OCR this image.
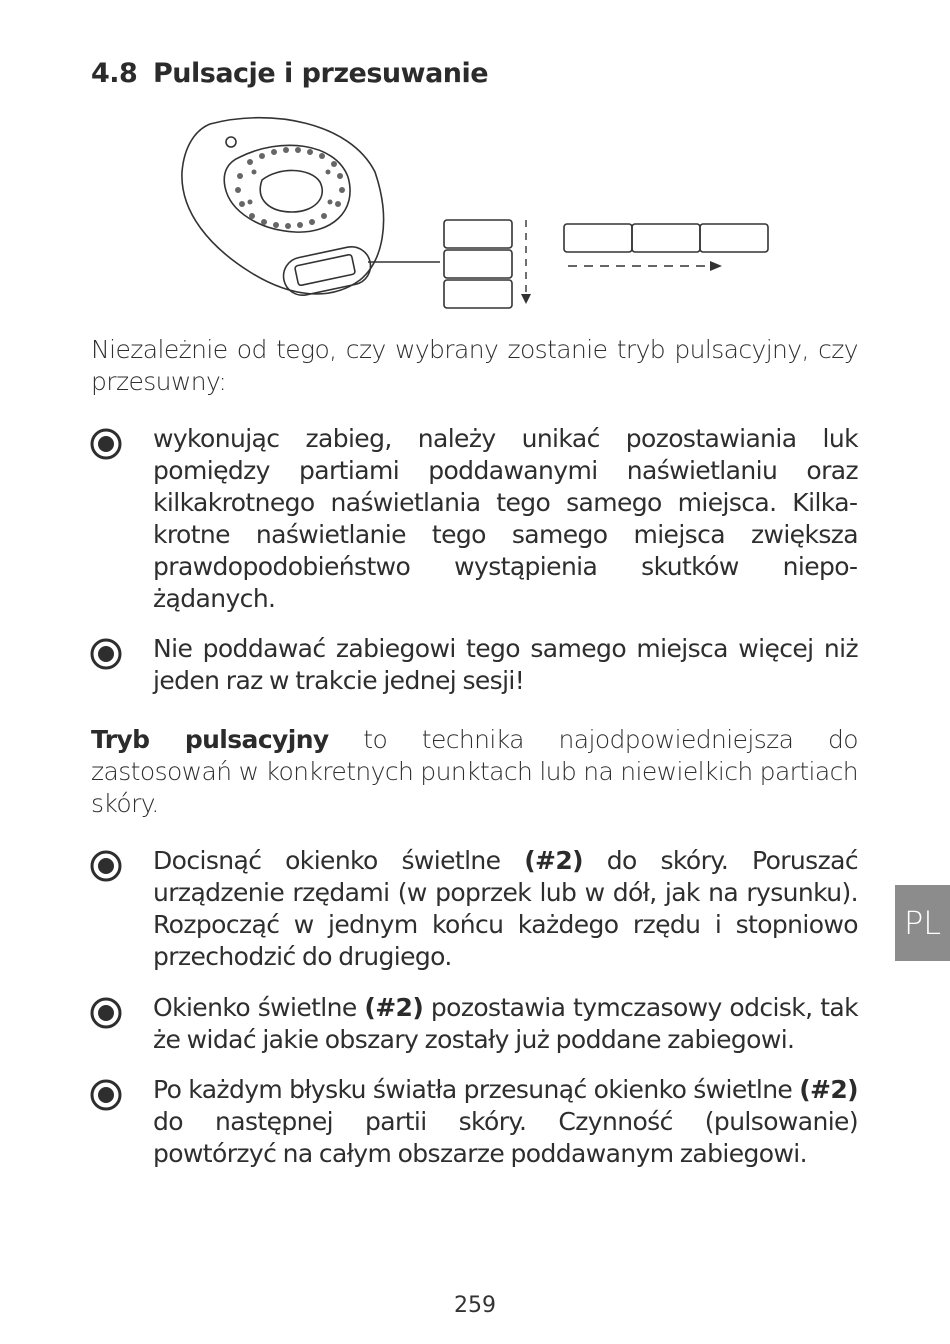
4.8 Pulsacje i przesuwanie
Niezależnie od tego, czy wybrany zostanie tryb pulsacyjny, czy przesuwny:
wykonując zabieg, należy unikać pozostawiania luk pomiędzy partiami poddawanymi naświetlaniu oraz kilkakrotnego naświetlania tego samego miejsca. Kilkakrotne naświetlanie tego samego miejsca zwiększa prawdopodobieństwo wystąpienia skutków niepożądanych.
Nie poddawać zabiegowi tego samego miejsca więcej niż jeden raz w trakcie jednej sesji!
Tryb pulsacyjny to technika najodpowiedniejsza do zastosowań w konkretnych punktach lub na niewielkich partiach skóry.
Docisnąć okienko świetlne (#2) do skóry. Poruszać urządzenie rzędami (w poprzek lub w dół, jak na rysunku). Rozpocząć w jednym końcu każdego rzędu i stopniowo przechodzić do drugiego.
Okienko świetlne (#2) pozostawia tymczasowy odcisk, tak że widać jakie obszary zostały już poddane zabiegowi.
Po każdym błysku światła przesunąć okienko świetlne (#2) do następnej partii skóry. Czynność (pulsowanie) powtórzyć na całym obszarze poddawanym zabiegowi.
PL
259
